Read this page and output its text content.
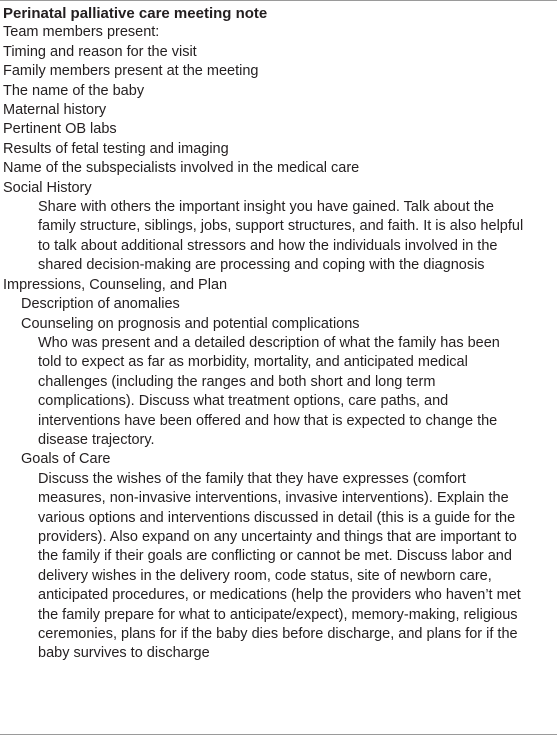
Perinatal palliative care meeting note
Team members present:
Timing and reason for the visit
Family members present at the meeting
The name of the baby
Maternal history
Pertinent OB labs
Results of fetal testing and imaging
Name of the subspecialists involved in the medical care
Social History
Share with others the important insight you have gained. Talk about the
family structure, siblings, jobs, support structures, and faith. It is also helpful
to talk about additional stressors and how the individuals involved in the
shared decision-making are processing and coping with the diagnosis
Impressions, Counseling, and Plan
Description of anomalies
Counseling on prognosis and potential complications
Who was present and a detailed description of what the family has been
told to expect as far as morbidity, mortality, and anticipated medical
challenges (including the ranges and both short and long term
complications). Discuss what treatment options, care paths, and
interventions have been offered and how that is expected to change the
disease trajectory.
Goals of Care
Discuss the wishes of the family that they have expresses (comfort
measures, non-invasive interventions, invasive interventions). Explain the
various options and interventions discussed in detail (this is a guide for the
providers). Also expand on any uncertainty and things that are important to
the family if their goals are conflicting or cannot be met. Discuss labor and
delivery wishes in the delivery room, code status, site of newborn care,
anticipated procedures, or medications (help the providers who haven’t met
the family prepare for what to anticipate/expect), memory-making, religious
ceremonies, plans for if the baby dies before discharge, and plans for if the
baby survives to discharge
